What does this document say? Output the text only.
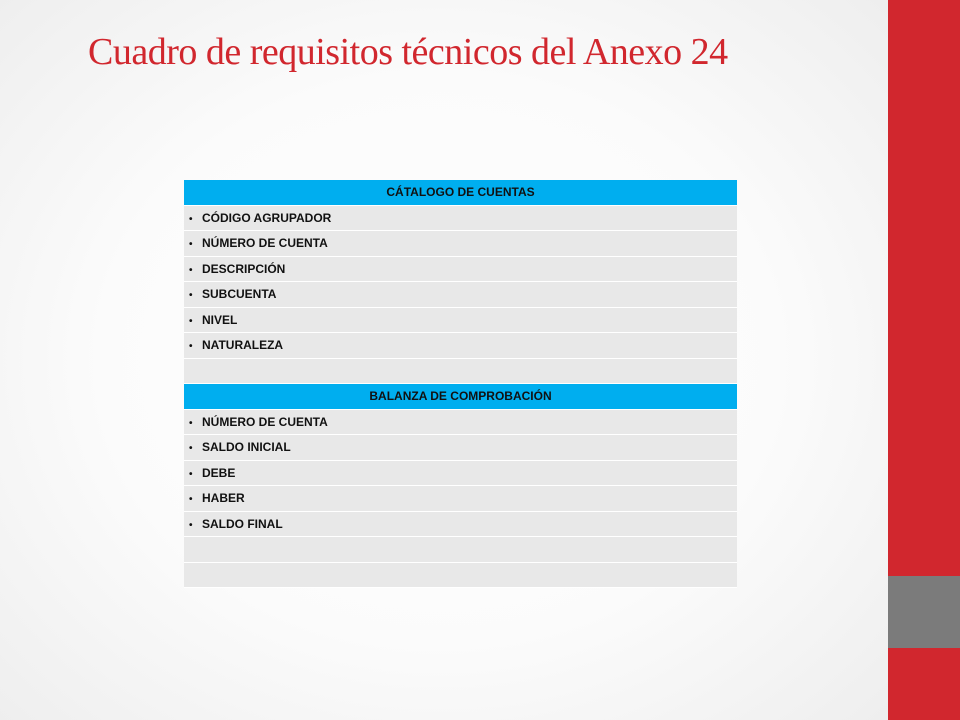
Cuadro de requisitos técnicos del Anexo 24
CÁTALOGO DE CUENTAS
• CÓDIGO AGRUPADOR
• NÚMERO DE CUENTA
• DESCRIPCIÓN
• SUBCUENTA
• NIVEL
• NATURALEZA

BALANZA DE COMPROBACIÓN
• NÚMERO DE CUENTA
• SALDO INICIAL
• DEBE
• HABER
• SALDO FINAL
